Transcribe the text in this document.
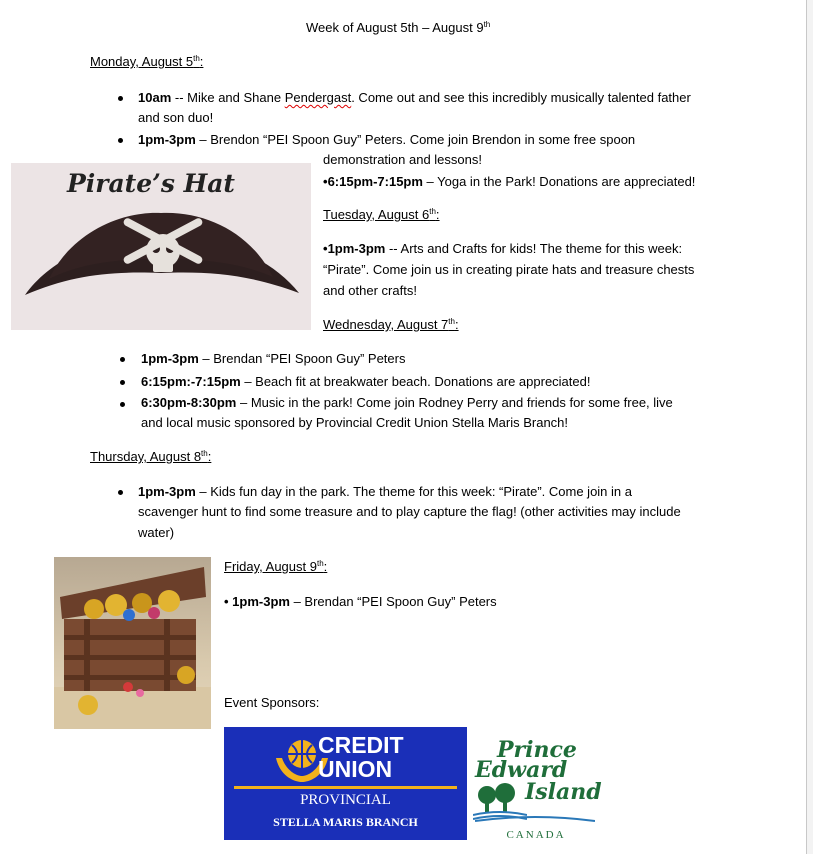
Week of August 5th – August 9th
Monday, August 5th:
10am -- Mike and Shane Pendergast. Come out and see this incredibly musically talented father
and son duo!
1pm-3pm – Brendon “PEI Spoon Guy” Peters. Come join Brendon in some free spoon
demonstration and lessons!
•6:15pm-7:15pm – Yoga in the Park! Donations are appreciated!
Pirate’s Hat
Tuesday, August 6th:
•1pm-3pm -- Arts and Crafts for kids! The theme for this week:
“Pirate”. Come join us in creating pirate hats and treasure chests
and other crafts!
Wednesday, August 7th:
1pm-3pm – Brendan “PEI Spoon Guy” Peters
6:15pm:-7:15pm – Beach fit at breakwater beach. Donations are appreciated!
6:30pm-8:30pm – Music in the park! Come join Rodney Perry and friends for some free, live
and local music sponsored by Provincial Credit Union Stella Maris Branch!
Thursday, August 8th:
1pm-3pm – Kids fun day in the park. The theme for this week: “Pirate”. Come join in a
scavenger hunt to find some treasure and to play capture the flag! (other activities may include
water)
Friday, August 9th:
• 1pm-3pm – Brendan “PEI Spoon Guy” Peters
Event Sponsors:
CREDIT
UNION
PROVINCIAL
STELLA MARIS BRANCH
Prince
Edward
Island
CANADA
